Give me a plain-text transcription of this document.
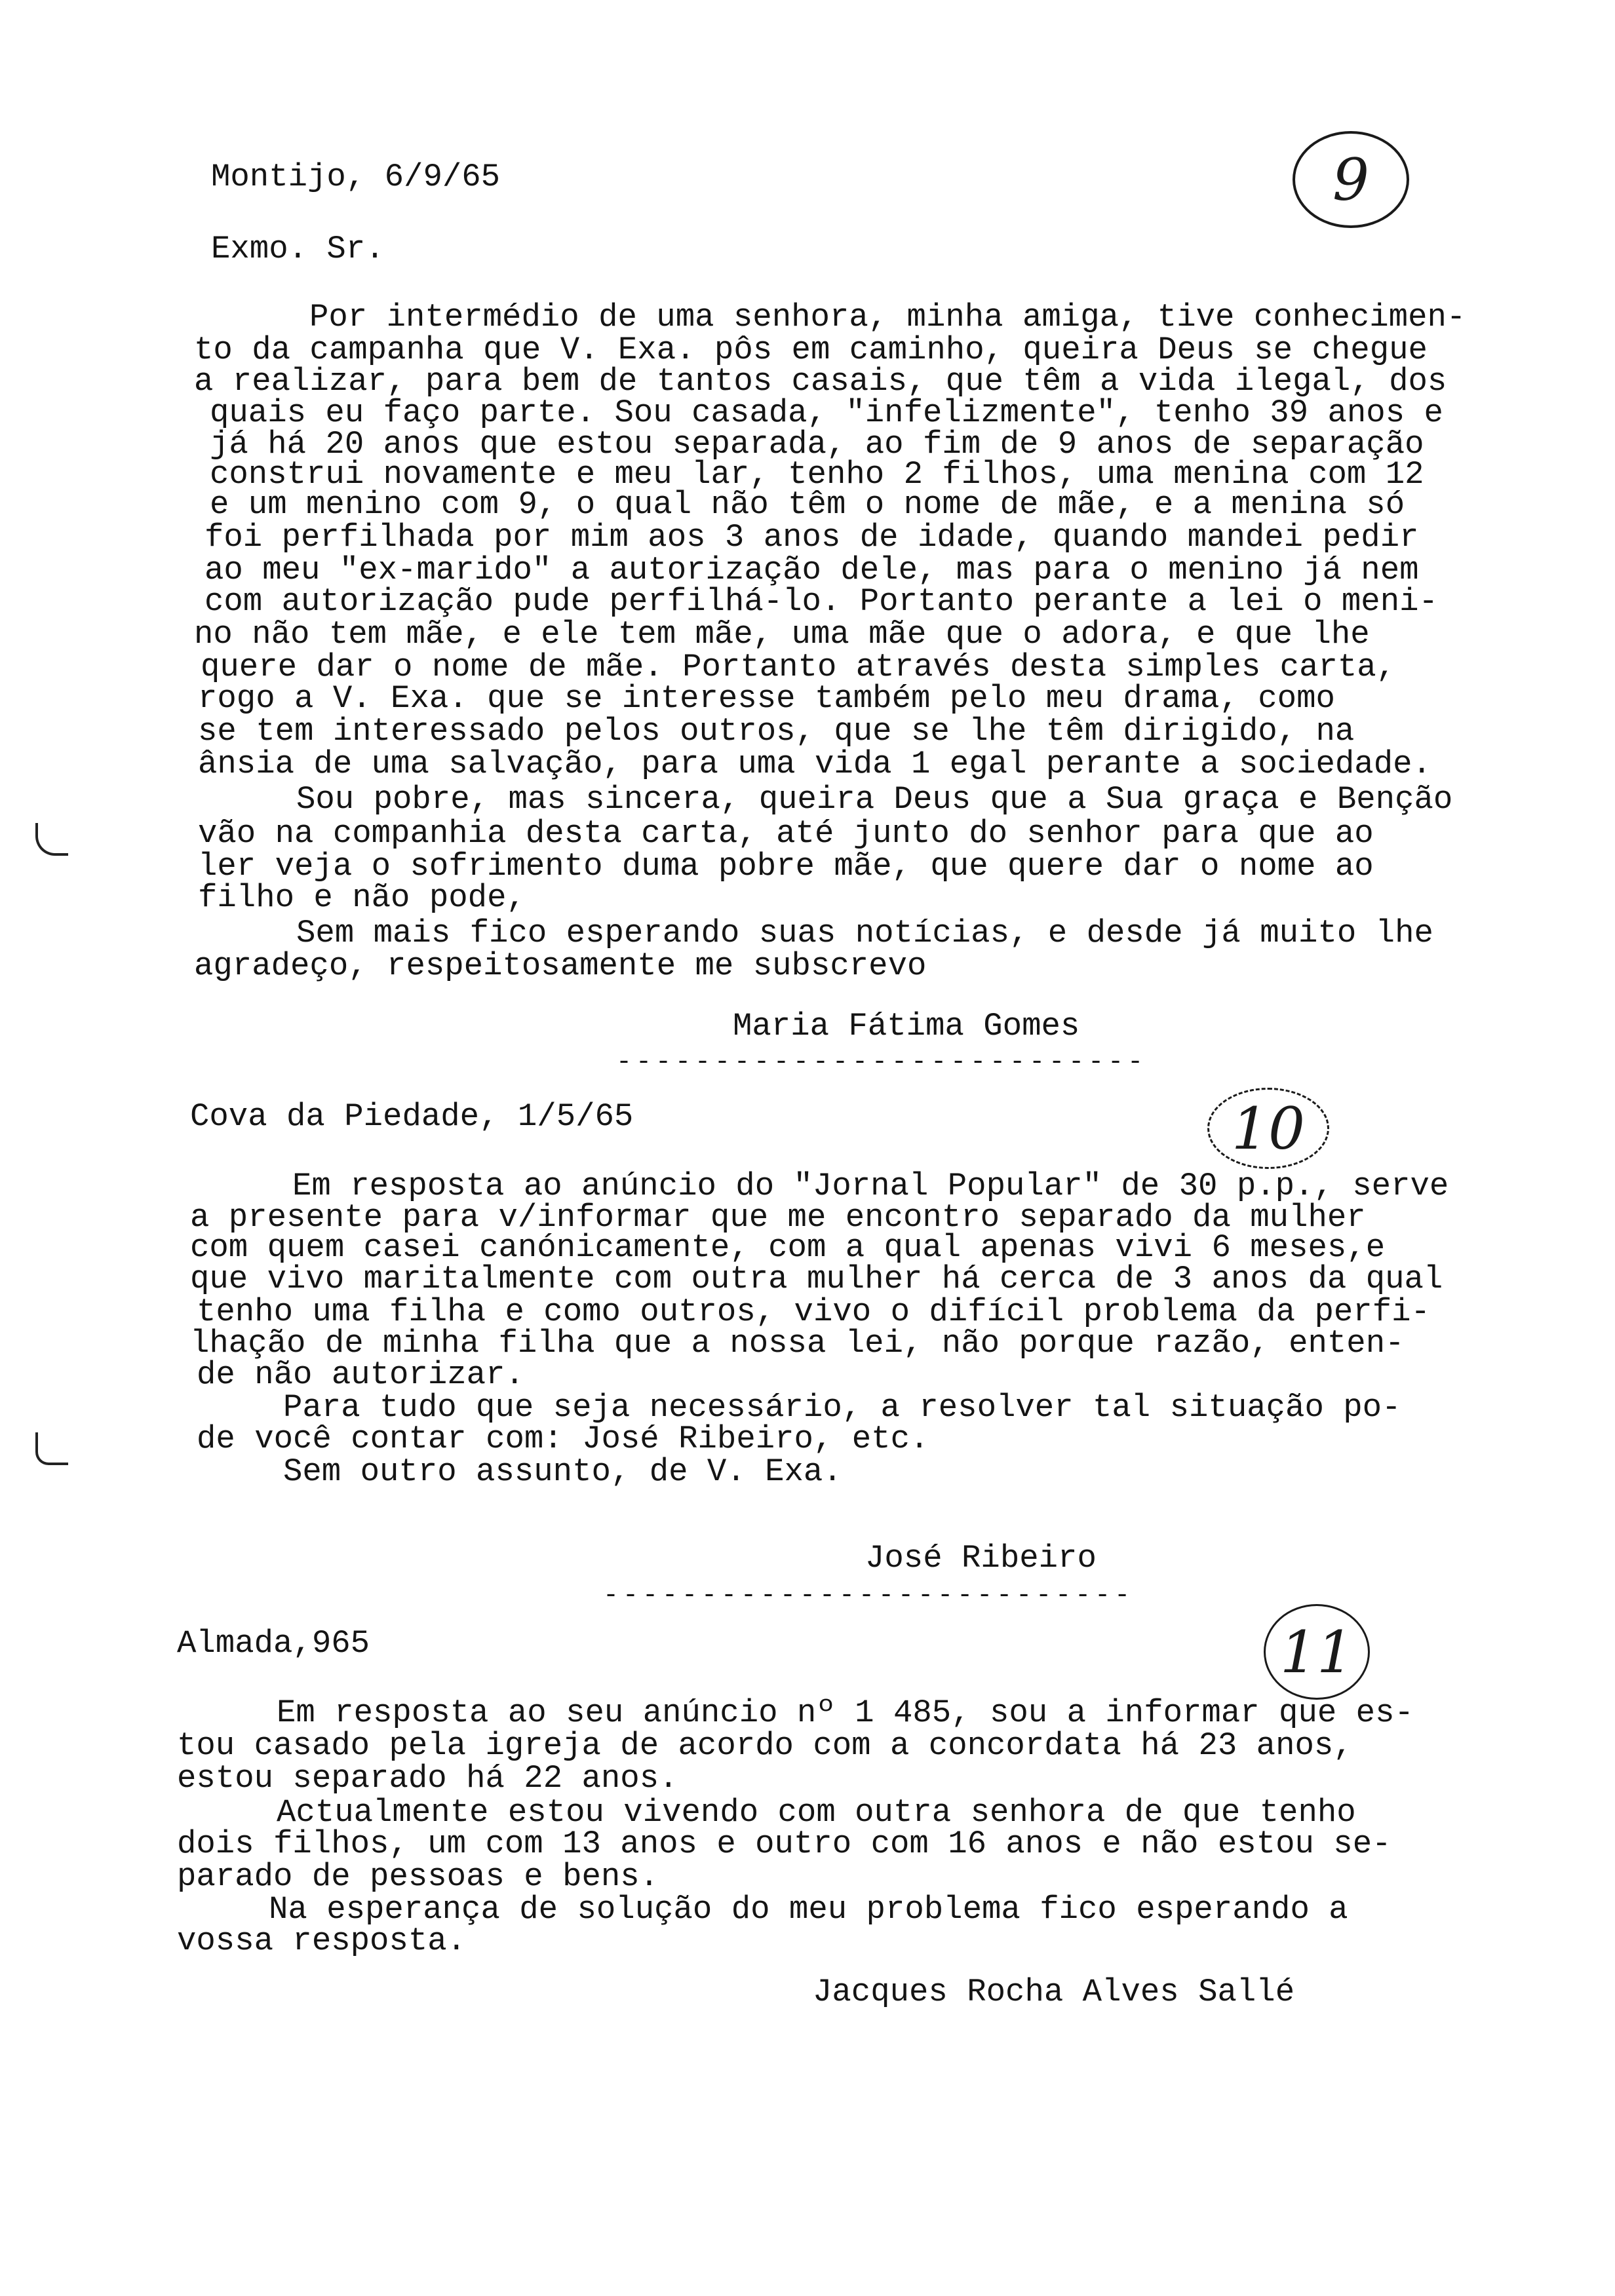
Montijo, 6/9/65	9
Exmo. Sr.
Por intermédio de uma senhora, minha amiga, tive conhecimen-
to da campanha que V. Exa. pôs em caminho, queira Deus se chegue
a realizar, para bem de tantos casais, que têm a vida ilegal, dos
quais eu faço parte. Sou casada, "infelizmente", tenho 39 anos e
já há 20 anos que estou separada, ao fim de 9 anos de separação
construi novamente e meu lar, tenho 2 filhos, uma menina com 12
e um menino com 9, o qual não têm o nome de mãe, e a menina só
foi perfilhada por mim aos 3 anos de idade, quando mandei pedir
ao meu "ex-marido" a autorização dele, mas para o menino já nem
com autorização pude perfilhá-lo. Portanto perante a lei o meni-
no não tem mãe, e ele tem mãe, uma mãe que o adora, e que lhe
quere dar o nome de mãe. Portanto através desta simples carta,
rogo a V. Exa. que se interesse também pelo meu drama, como
se tem interessado pelos outros, que se lhe têm dirigido, na
ânsia de uma salvação, para uma vida 1 egal perante a sociedade.
Sou pobre, mas sincera, queira Deus que a Sua graça e Benção
vão na companhia desta carta, até junto do senhor para que ao
ler veja o sofrimento duma pobre mãe, que quere dar o nome ao
filho e não pode,
Sem mais fico esperando suas notícias, e desde já muito lhe
agradeço, respeitosamente me subscrevo
Maria Fátima Gomes
---------------------------
Cova da Piedade, 1/5/65	10
Em resposta ao anúncio do "Jornal Popular" de 30 p.p., serve
a presente para v/informar que me encontro separado da mulher
com quem casei canónicamente, com a qual apenas vivi 6 meses,e
que vivo maritalmente com outra mulher há cerca de 3 anos da qual
tenho uma filha e como outros, vivo o difícil problema da perfi-
lhação de minha filha que a nossa lei, não porque razão, enten-
de não autorizar.
Para tudo que seja necessário, a resolver tal situação po-
de você contar com: José Ribeiro, etc.
Sem outro assunto, de V. Exa.
José Ribeiro
---------------------------
Almada,965	11
Em resposta ao seu anúncio nº 1 485, sou a informar que es-
tou casado pela igreja de acordo com a concordata há 23 anos,
estou separado há 22 anos.
Actualmente estou vivendo com outra senhora de que tenho
dois filhos, um com 13 anos e outro com 16 anos e não estou se-
parado de pessoas e bens.
Na esperança de solução do meu problema fico esperando a
vossa resposta.
Jacques Rocha Alves Sallé
